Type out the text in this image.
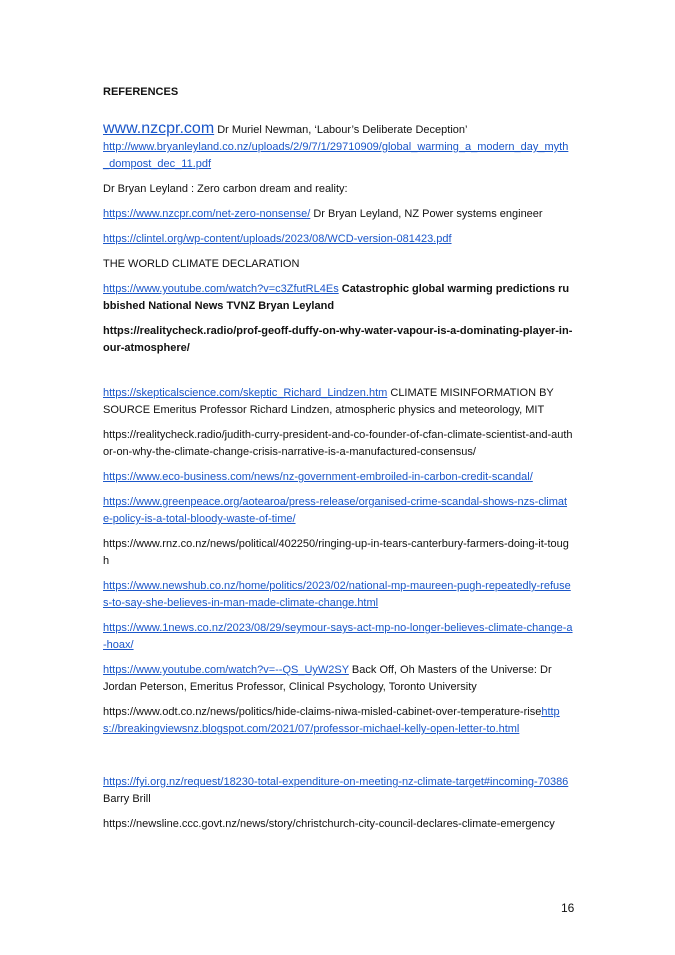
REFERENCES
www.nzcpr.com Dr Muriel Newman, ‘Labour’s Deliberate Deception’
http://www.bryanleyland.co.nz/uploads/2/9/7/1/29710909/global_warming_a_modern_day_myth_dompost_dec_11.pdf
Dr Bryan Leyland : Zero carbon dream and reality:
https://www.nzcpr.com/net-zero-nonsense/ Dr Bryan Leyland, NZ Power systems engineer
https://clintel.org/wp-content/uploads/2023/08/WCD-version-081423.pdf
THE WORLD CLIMATE DECLARATION
https://www.youtube.com/watch?v=c3ZfutRL4Es Catastrophic global warming predictions rubbished National News TVNZ Bryan Leyland
https://realitycheck.radio/prof-geoff-duffy-on-why-water-vapour-is-a-dominating-player-in-our-atmosphere/
https://skepticalscience.com/skeptic_Richard_Lindzen.htm CLIMATE MISINFORMATION BY SOURCE Emeritus Professor Richard Lindzen, atmospheric physics and meteorology, MIT
https://realitycheck.radio/judith-curry-president-and-co-founder-of-cfan-climate-scientist-and-author-on-why-the-climate-change-crisis-narrative-is-a-manufactured-consensus/
https://www.eco-business.com/news/nz-government-embroiled-in-carbon-credit-scandal/
https://www.greenpeace.org/aotearoa/press-release/organised-crime-scandal-shows-nzs-climate-policy-is-a-total-bloody-waste-of-time/
https://www.rnz.co.nz/news/political/402250/ringing-up-in-tears-canterbury-farmers-doing-it-tough
https://www.newshub.co.nz/home/politics/2023/02/national-mp-maureen-pugh-repeatedly-refuses-to-say-she-believes-in-man-made-climate-change.html
https://www.1news.co.nz/2023/08/29/seymour-says-act-mp-no-longer-believes-climate-change-a-hoax/
https://www.youtube.com/watch?v=--QS_UyW2SY Back Off, Oh Masters of the Universe: Dr Jordan Peterson, Emeritus Professor, Clinical Psychology, Toronto University
https://www.odt.co.nz/news/politics/hide-claims-niwa-misled-cabinet-over-temperature-risehttps://breakingviewsnz.blogspot.com/2021/07/professor-michael-kelly-open-letter-to.html
https://fyi.org.nz/request/18230-total-expenditure-on-meeting-nz-climate-target#incoming-70386 Barry Brill
https://newsline.ccc.govt.nz/news/story/christchurch-city-council-declares-climate-emergency
16
